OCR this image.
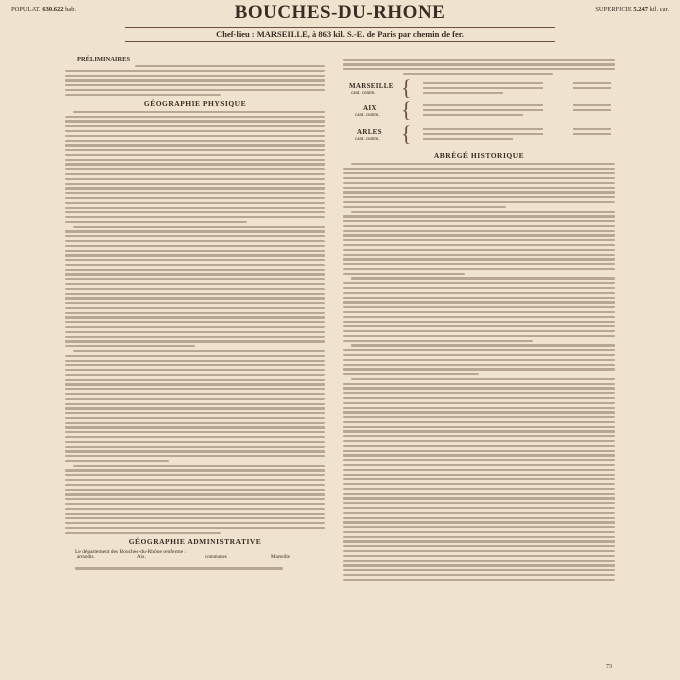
POPULAT. 630.622 hab.	SUPERFICIE 5.247 kil. car.
BOUCHES-DU-RHONE
Chef-lieu : MARSEILLE, à 863 kil. S.-E. de Paris par chemin de fer.
PRÉLIMINAIRES
GÉOGRAPHIE PHYSIQUE
GÉOGRAPHIE ADMINISTRATIVE
Le département des Bouches-du-Rhône renferme :
arrondis.	Aix.	communes	Marseille
MARSEILLE
cant. comm. {
AIX
cant. comm. {
ARLES
cant. comm. {
ABRÉGÉ HISTORIQUE
73
